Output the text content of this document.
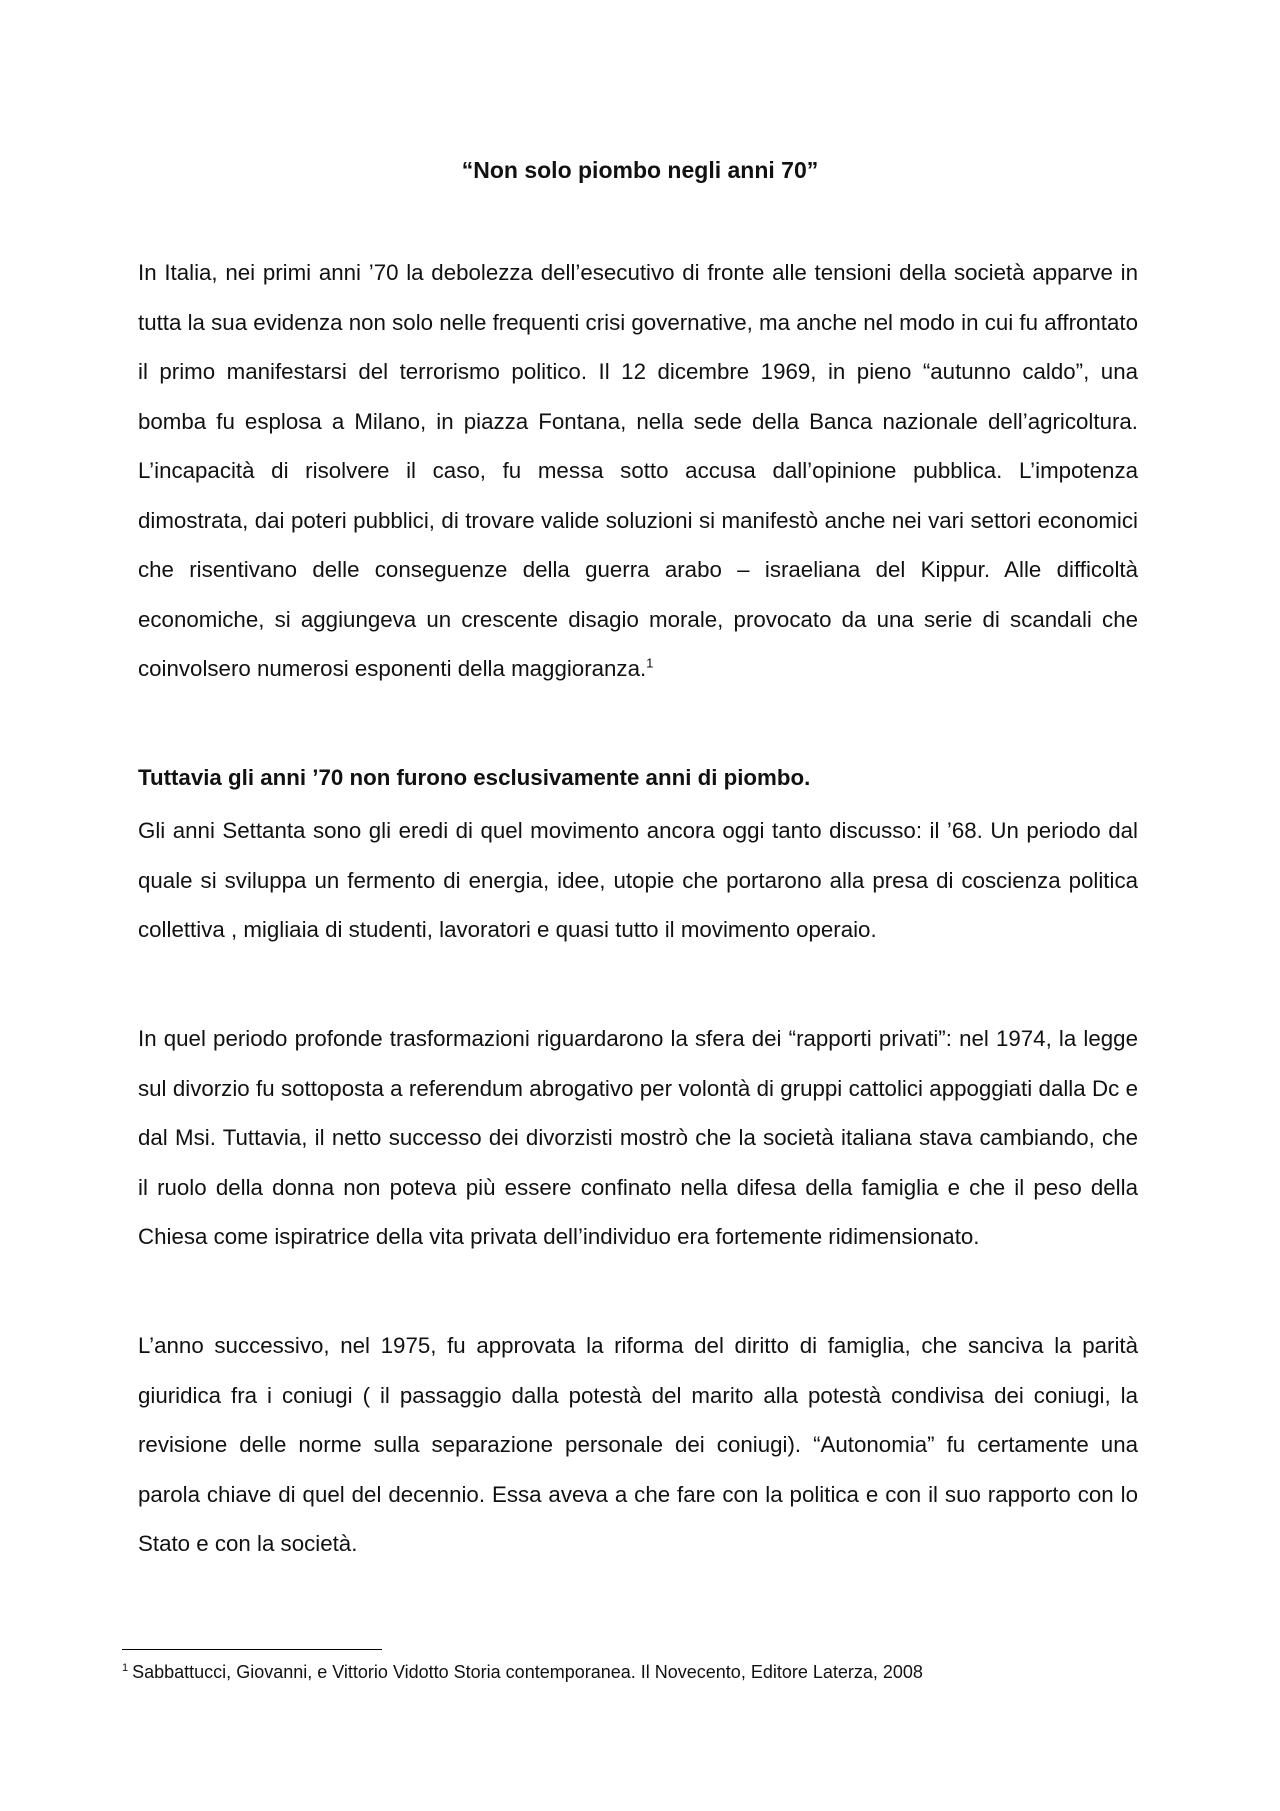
“Non solo piombo negli anni 70”

In Italia, nei primi anni ’70 la debolezza dell’esecutivo di fronte alle tensioni della società apparve in tutta la sua evidenza non solo nelle frequenti crisi governative, ma anche nel modo in cui fu affrontato il primo manifestarsi del terrorismo politico. Il 12 dicembre 1969, in pieno “autunno caldo”, una bomba fu esplosa a Milano, in piazza Fontana, nella sede della Banca nazionale dell’agricoltura. L’incapacità di risolvere il caso, fu messa sotto accusa dall’opinione pubblica. L’impotenza dimostrata, dai poteri pubblici, di trovare valide soluzioni si manifestò anche nei vari settori economici che risentivano delle conseguenze della guerra arabo – israeliana del Kippur. Alle difficoltà economiche, si aggiungeva un crescente disagio morale, provocato da una serie di scandali che coinvolsero numerosi esponenti della maggioranza.$^1$

Tuttavia gli anni ’70 non furono esclusivamente anni di piombo.

Gli anni Settanta sono gli eredi di quel movimento ancora oggi tanto discusso: il ’68. Un periodo dal quale si sviluppa un fermento di energia, idee, utopie che portarono alla presa di coscienza politica collettiva , migliaia di studenti, lavoratori e quasi tutto il movimento operaio.

In quel periodo profonde trasformazioni riguardarono la sfera dei “rapporti privati”: nel 1974, la legge sul divorzio fu sottoposta a referendum abrogativo per volontà di gruppi cattolici appoggiati dalla Dc e dal Msi. Tuttavia, il netto successo dei divorzisti mostrò che la società italiana stava cambiando, che il ruolo della donna non poteva più essere confinato nella difesa della famiglia e che il peso della Chiesa come ispiratrice della vita privata dell’individuo era fortemente ridimensionato.

L’anno successivo, nel 1975, fu approvata la riforma del diritto di famiglia, che sanciva la parità giuridica fra i coniugi ( il passaggio dalla potestà del marito alla potestà condivisa dei coniugi, la revisione delle norme sulla separazione personale dei coniugi). “Autonomia” fu certamente una parola chiave di quel del decennio. Essa aveva a che fare con la politica e con il suo rapporto con lo Stato e con la società.

$^1$ Sabbattucci, Giovanni, e Vittorio Vidotto Storia contemporanea. Il Novecento, Editore Laterza, 2008
